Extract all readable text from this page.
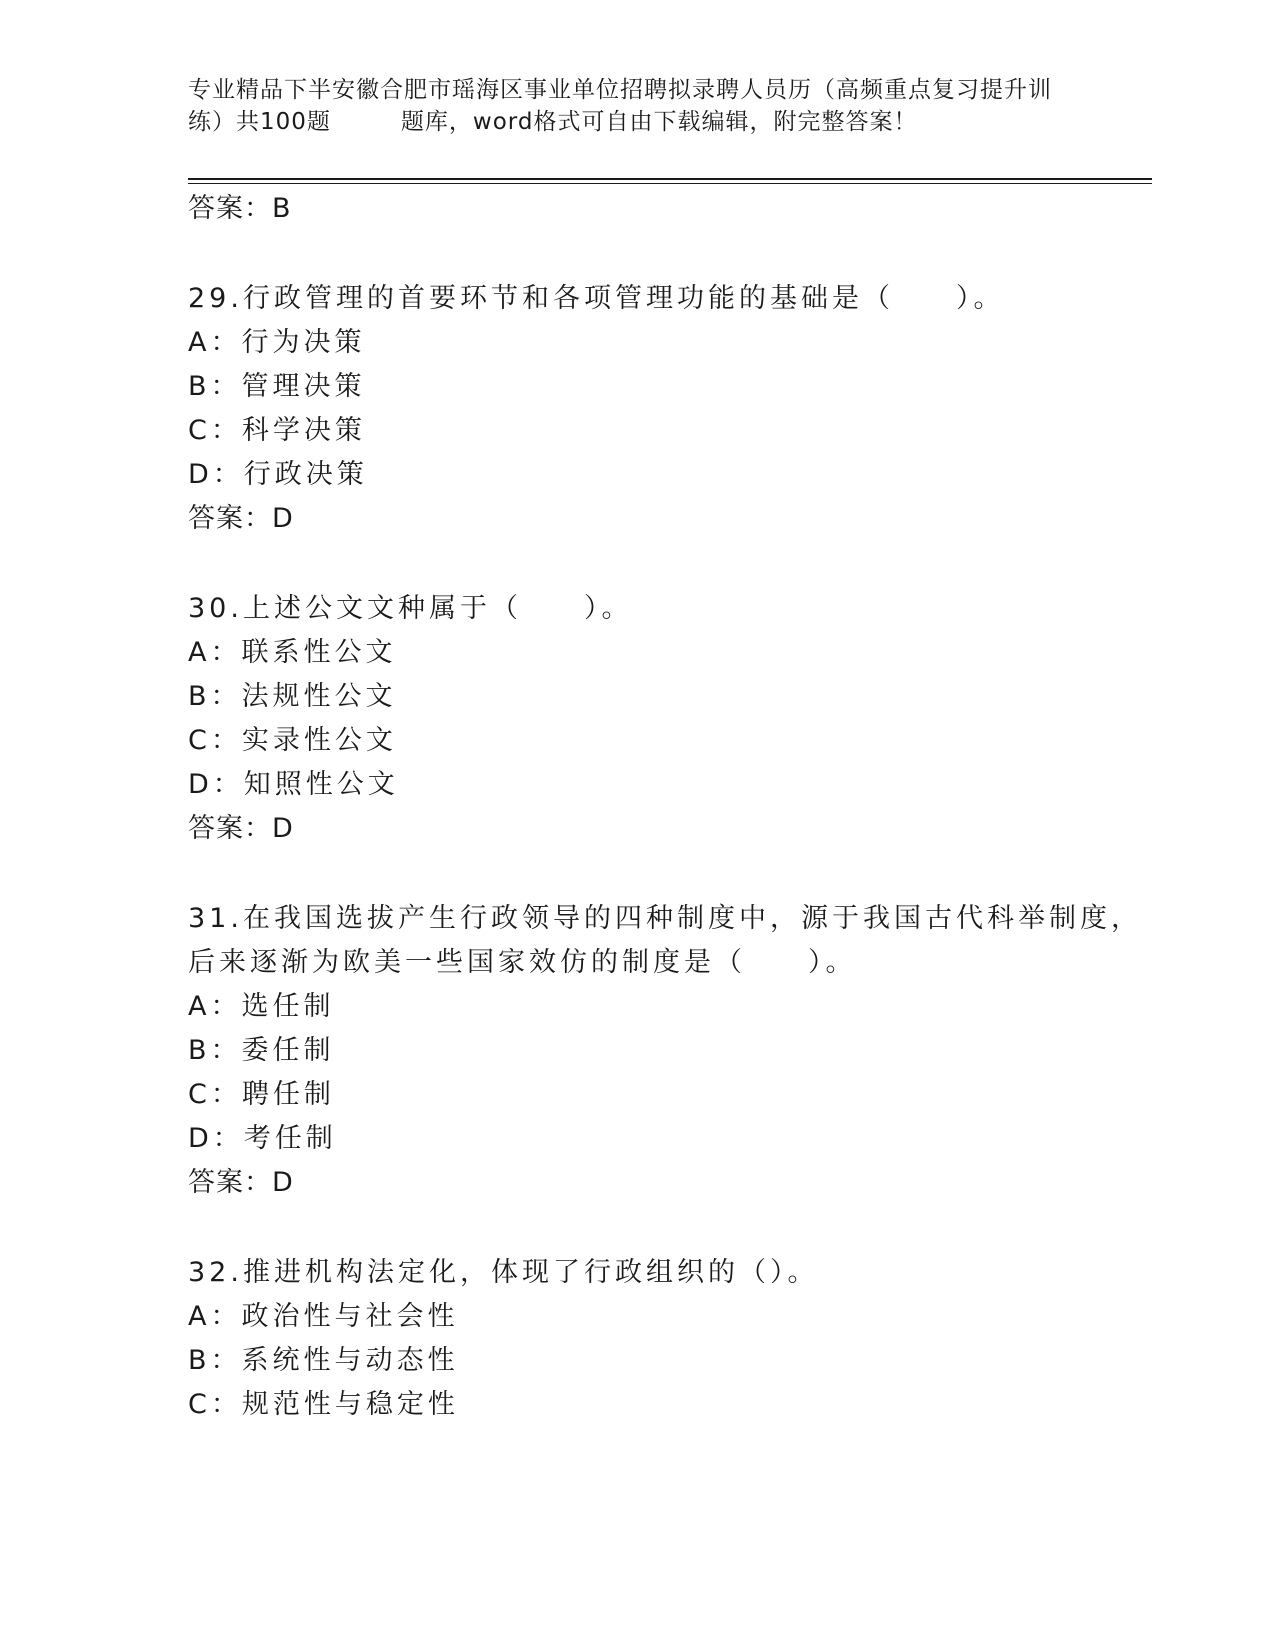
专业精品下半安徽合肥市瑶海区事业单位招聘拟录聘人员历（高频重点复习提升训
练）共100题	题库，word格式可自由下载编辑，附完整答案！
答案：B
29.行政管理的首要环节和各项管理功能的基础是（　　）。
A：行为决策
B：管理决策
C：科学决策
D：行政决策
答案：D
30.上述公文文种属于（　　）。
A：联系性公文
B：法规性公文
C：实录性公文
D：知照性公文
答案：D
31.在我国选拔产生行政领导的四种制度中，源于我国古代科举制度，
后来逐渐为欧美一些国家效仿的制度是（　　）。
A：选任制
B：委任制
C：聘任制
D：考任制
答案：D
32.推进机构法定化，体现了行政组织的（）。
A：政治性与社会性
B：系统性与动态性
C：规范性与稳定性
